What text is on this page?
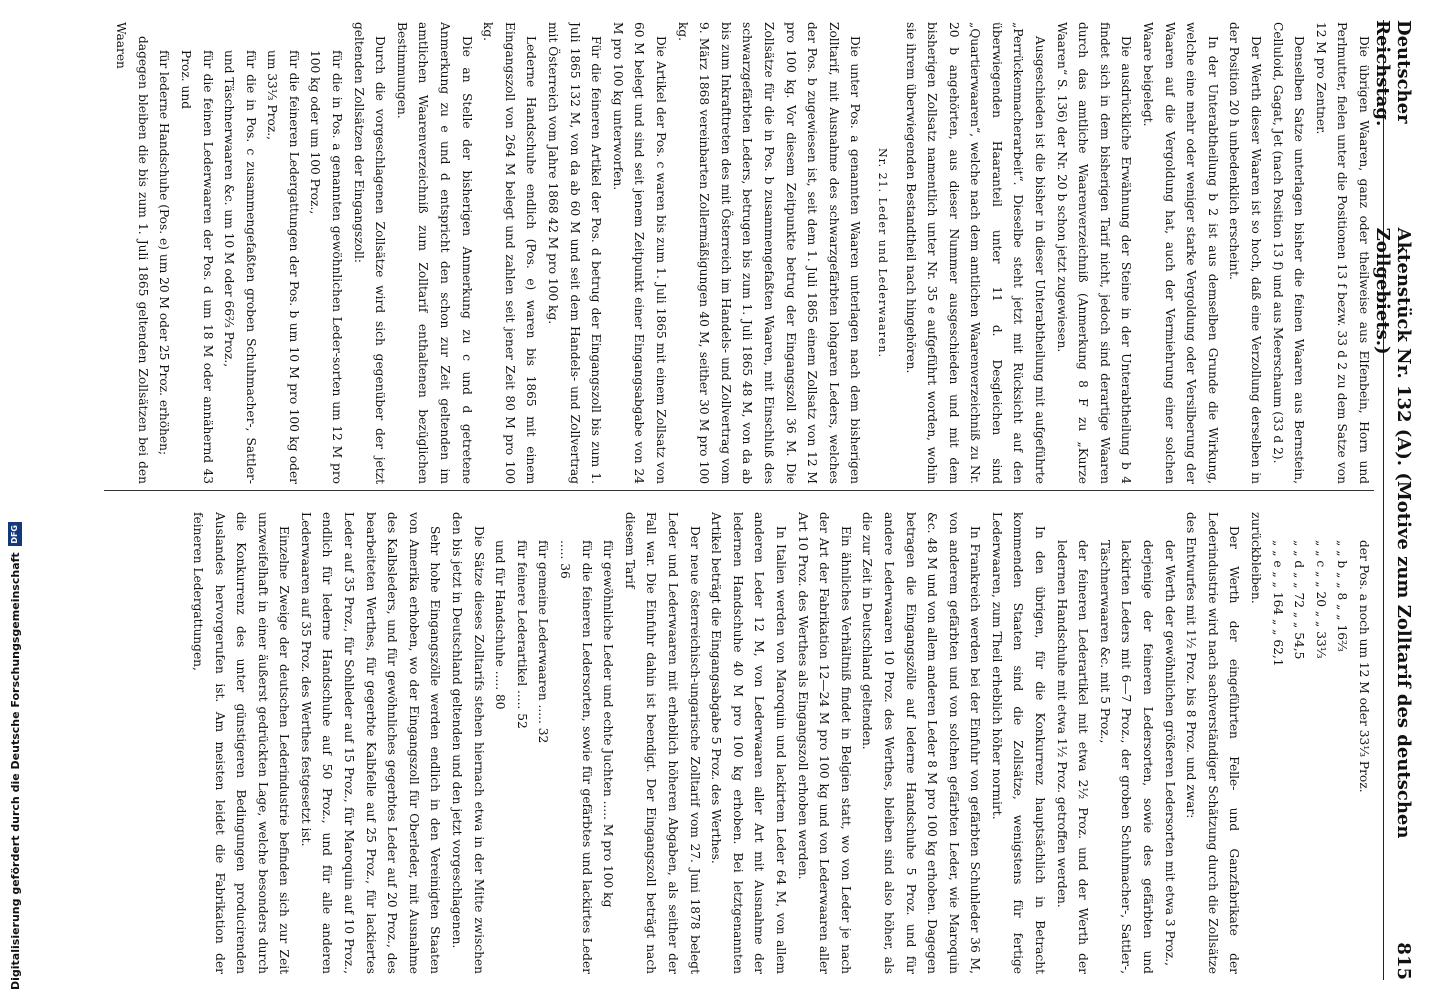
Deutscher Reichstag.
Aktenstück Nr. 132 (A). (Motive zum Zolltarif des deutschen Zollgebiets.)
815

Die übrigen Waaren, ganz oder theilweise aus Elfenbein, Horn und Perlmutter, fielen unter die Positionen 13 f bezw. 33 d 2 zu dem Satze von 12 M pro Zentner.

Denselben Satze unterlagen bisher die feinen Waaren aus Bernstein, Celluloid, Gagat, Jet (nach Position 13 f) und aus Meerschaum (33 d 2).

Der Werth dieser Waaren ist so hoch, daß eine Verzollung derselben in der Position 20 h unbedenklich erscheint.

In der Unterabtheilung b 2 ist aus demselben Grunde die Wirkung, welche eine mehr oder weniger starke Vergoldung oder Versilberung der Waaren auf die Vergoldung hat, auch der Vermiehrung einer solchen Waare beigelegt.

Die ausdrückliche Erwähnung der Steine in der Unterabtheilung b 4 findet sich in dem bisherigen Tarif nicht, jedoch sind derartige Waaren durch das amtliche Waarenverzeichniß (Anmerkung 8 F zu „Kurze Waaren“ S. 136) der Nr. 20 b schon jetzt zugewiesen.

Ausgeschieden ist die bisher in dieser Unterabtheilung mit aufgeführte „Perrückenmacherarbeit“. Dieselbe steht jetzt mit Rücksicht auf den überwiegenden Haaranteil unter 11 d. Desgleichen sind „Quartierwaaren“, welche nach dem amtlichen Waarenverzeichniß zu Nr. 20 b angehörten, aus dieser Nummer ausgeschieden und mit dem bisherigen Zollsatz namentlich unter Nr. 35 e aufgeführt worden, wohin sie ihrem überwiegenden Bestandtheil nach hingehören.

Nr. 21. Leder und Lederwaaren.

Die unter Pos. a genannten Waaren unterlagen nach dem bisherigen Zolltarif, mit Ausnahme des schwarzgefärbten lohgaren Leders, welches der Pos. b zugewiesen ist, seit dem 1. Juli 1865 einem Zollsatz von 12 M pro 100 kg. Vor diesem Zeitpunkte betrug der Eingangszoll 36 M. Die Zollsätze für die in Pos. b zusammengefaßten Waaren, mit Einschluß des schwarzgefärbten Leders, betrugen bis zum 1. Juli 1865 48 M, von da ab bis zum Inkrafttreten des mit Österreich im Handels- und Zollvertrag vom 9. März 1868 vereinbarten Zollermäßigungen 40 M, seither 30 M pro 100 kg.

Die Artikel der Pos. c waren bis zum 1. Juli 1865 mit einem Zollsatz von 60 M belegt und sind seit jenem Zeitpunkt einer Eingangsabgabe von 24 M pro 100 kg unterworfen.

Für die feineren Artikel der Pos. d betrug der Eingangszoll bis zum 1. Juli 1865 132 M, von da ab 60 M und seit dem Handels- und Zollvertrag mit Österreich vom Jahre 1868 42 M pro 100 kg.

Lederne Handschuhe endlich (Pos. e) waren bis 1865 mit einem Eingangszoll von 264 M belegt und zahlen seit jener Zeit 80 M pro 100 kg.

Die an Stelle der bisherigen Anmerkung zu c und d getretene Anmerkung zu e und d entspricht den schon zur Zeit geltenden im amtlichen Waarenverzeichniß zum Zolltarif enthaltenen bezüglichen Bestimmungen.

Durch die vorgeschlagenen Zollsätze wird sich gegenüber der jetzt geltenden Zollsätzen der Eingangszoll:

für die in Pos. a genannten gewöhnlichen Leder-sorten um 12 M pro 100 kg oder um 100 Proz.,

für die feineren Ledergattungen der Pos. b um 10 M pro 100 kg oder um 33⅓ Proz.,

für die in Pos. c zusammengefaßten groben Schuhmacher-, Sattler- und Täschnerwaaren &c. um 10 M oder 66⅔ Proz.,

für die feinen Lederwaaren der Pos. d um 18 M oder annähernd 43 Proz. und

für lederne Handschuhe (Pos. e) um 20 M oder 25 Proz. erhöhen;

dagegen bleiben die bis zum 1. Juli 1865 geltenden Zollsätzen bei den Waaren

der Pos. a noch um 12 M oder 33⅓ Proz.

„ „ b „ „ 8 „ „ 16⅔

„ „ c „ „ 20 „ „ 33⅓

„ „ d „ „ 72 „ „ 54,5

„ „ e „ „ 164 „ „ 62,1

zurückbleiben.

Der Werth der eingeführten Felle- und Ganzfabrikate der Lederindustrie wird nach sachverständiger Schätzung durch die Zollsätze des Entwurfes mit 1½ Proz. bis 8 Proz. und zwar:

der Werth der gewöhnlichen größeren Ledersorten mit etwa 3 Proz.,

derjenige der feineren Ledersorten, sowie des gefärbten und lackirten Leders mit 6—7 Proz., der groben Schuhmacher-, Sattler-, Täschnerwaaren &c. mit 5 Proz.,

der feineren Lederartikel mit etwa 2½ Proz. und der Werth der ledernen Handschuhe mit etwa 1½ Proz. getroffen werden.

In den übrigen, für die Konkurrenz hauptsächlich in Betracht kommenden Staaten sind die Zollsätze, wenigstens für fertige Lederwaaren, zum Theil erheblich höher normirt.

In Frankreich werden bei der Einfuhr von gefärbten Schuhleder 36 M, von anderem gefärbten und von solchen gefärbten Leder, wie Maroquin &c. 48 M und von allem anderen Leder 8 M pro 100 kg erhoben. Dagegen betragen die Eingangszölle auf lederne Handschuhe 5 Proz. und für andere Lederwaaren 10 Proz. des Werthes, bleiben sind also höher, als die zur Zeit in Deutschland geltenden.

Ein ähnliches Verhältniß findet in Belgien statt, wo von Leder je nach der Art der Fabrikation 12—24 M pro 100 kg und von Lederwaaren aller Art 10 Proz. des Werthes als Eingangszoll erhoben werden.

In Italien werden von Maroquin und lackirtem Leder 64 M, von allem anderen Leder 12 M, von Lederwaaren aller Art mit Ausnahme der ledernen Handschuhe 40 M pro 100 kg erhoben. Bei letztgenannten Artikel beträgt die Eingangsabgabe 5 Proz. des Werthes.

Der neue österreichisch-ungarische Zolltarif vom 27. Juni 1878 belegt Leder und Lederwaaren mit erheblich höheren Abgaben, als seither der Fall war. Die Einfuhr dahin ist beendigt. Der Eingangszoll beträgt nach diesem Tarif

für gewöhnliche Leder und echte Juchten ..... M pro 100 kg

für die feineren Ledersorten, sowie für gefärbtes und lackirtes Leder ..... 36

für gemeine Lederwaaren ..... 32

für feinere Lederartikel ..... 52

und für Handschuhe ..... 80

Die Sätze dieses Zolltarifs stehen hiernach etwa in der Mitte zwischen den bis jetzt in Deutschland geltenden und den jetzt vorgeschlagenen.

Sehr hohe Eingangszölle werden endlich in den Vereinigten Staaten von Amerika erhoben, wo der Eingangszoll für Oberleder, mit Ausnahme des Kalbsleders, und für gewöhnliches gegerbtes Leder auf 20 Proz., des bearbeiteten Werthes, für gegerbte Kalbfelle auf 25 Proz., für lackiertes Leder auf 35 Proz., für Sohlleder auf 15 Proz., für Maroquin auf 10 Proz., endlich für lederne Handschuhe auf 50 Proz., und für alle anderen Lederwaaren auf 35 Proz. des Werthes festgesetzt ist.

Einzelne Zweige der deutschen Lederindustrie befinden sich zur Zeit unzweifelhaft in einer äußerst gedrückten Lage, welche besonders durch die Konkurrenz des unter günstigeren Bedingungen producirenden Auslandes hervorgerufen ist. Am meisten leidet die Fabrikation der feineren Ledergattungen,

Digitalisierung gefördert durch die Deutsche Forschungsgemeinschaft
DFG
